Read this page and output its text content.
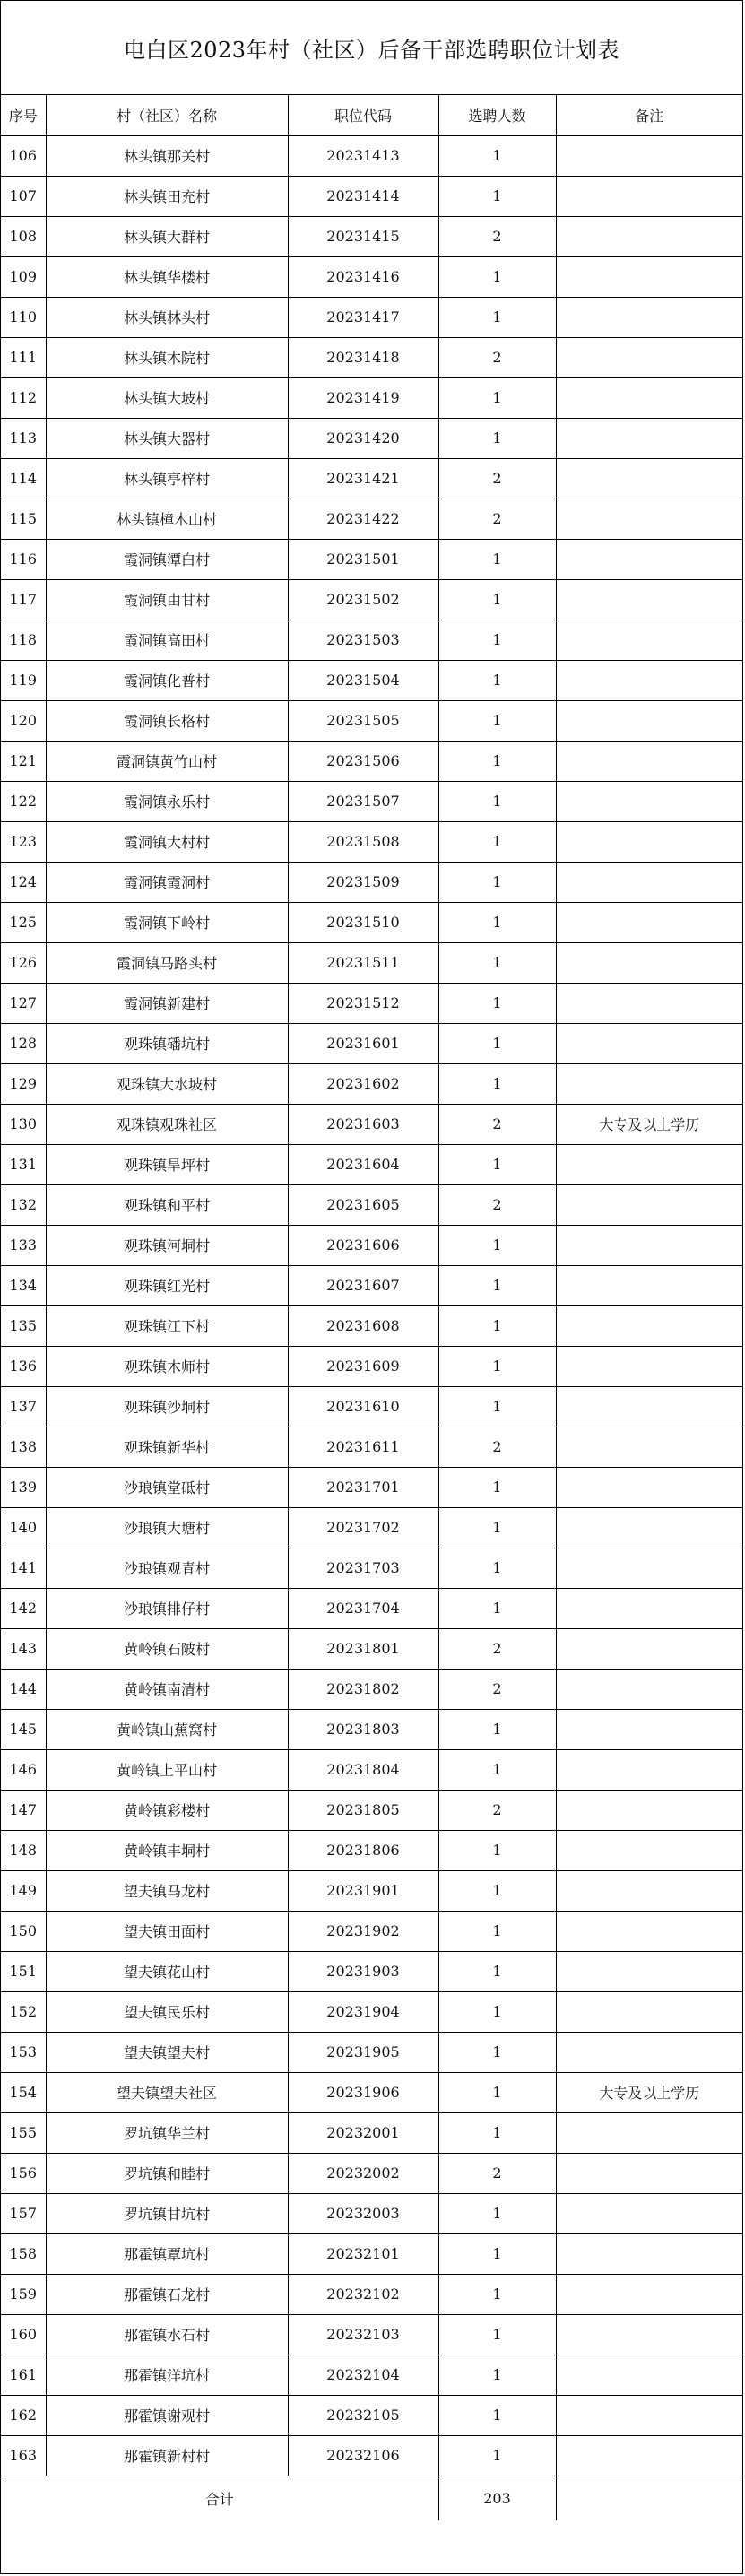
电白区2023年村（社区）后备干部选聘职位计划表
序号	村（社区）名称	职位代码	选聘人数	备注
106	林头镇那关村	20231413	1	
107	林头镇田充村	20231414	1	
108	林头镇大群村	20231415	2	
109	林头镇华楼村	20231416	1	
110	林头镇林头村	20231417	1	
111	林头镇木院村	20231418	2	
112	林头镇大坡村	20231419	1	
113	林头镇大器村	20231420	1	
114	林头镇亭梓村	20231421	2	
115	林头镇樟木山村	20231422	2	
116	霞洞镇潭白村	20231501	1	
117	霞洞镇由甘村	20231502	1	
118	霞洞镇高田村	20231503	1	
119	霞洞镇化普村	20231504	1	
120	霞洞镇长格村	20231505	1	
121	霞洞镇黄竹山村	20231506	1	
122	霞洞镇永乐村	20231507	1	
123	霞洞镇大村村	20231508	1	
124	霞洞镇霞洞村	20231509	1	
125	霞洞镇下岭村	20231510	1	
126	霞洞镇马路头村	20231511	1	
127	霞洞镇新建村	20231512	1	
128	观珠镇磻坑村	20231601	1	
129	观珠镇大水坡村	20231602	1	
130	观珠镇观珠社区	20231603	2	大专及以上学历
131	观珠镇旱坪村	20231604	1	
132	观珠镇和平村	20231605	2	
133	观珠镇河垌村	20231606	1	
134	观珠镇红光村	20231607	1	
135	观珠镇江下村	20231608	1	
136	观珠镇木师村	20231609	1	
137	观珠镇沙垌村	20231610	1	
138	观珠镇新华村	20231611	2	
139	沙琅镇堂砥村	20231701	1	
140	沙琅镇大塘村	20231702	1	
141	沙琅镇观青村	20231703	1	
142	沙琅镇排仔村	20231704	1	
143	黄岭镇石陂村	20231801	2	
144	黄岭镇南清村	20231802	2	
145	黄岭镇山蕉窝村	20231803	1	
146	黄岭镇上平山村	20231804	1	
147	黄岭镇彩楼村	20231805	2	
148	黄岭镇丰垌村	20231806	1	
149	望夫镇马龙村	20231901	1	
150	望夫镇田面村	20231902	1	
151	望夫镇花山村	20231903	1	
152	望夫镇民乐村	20231904	1	
153	望夫镇望夫村	20231905	1	
154	望夫镇望夫社区	20231906	1	大专及以上学历
155	罗坑镇华兰村	20232001	1	
156	罗坑镇和睦村	20232002	2	
157	罗坑镇甘坑村	20232003	1	
158	那霍镇覃坑村	20232101	1	
159	那霍镇石龙村	20232102	1	
160	那霍镇水石村	20232103	1	
161	那霍镇洋坑村	20232104	1	
162	那霍镇谢观村	20232105	1	
163	那霍镇新村村	20232106	1	
合计			203	
